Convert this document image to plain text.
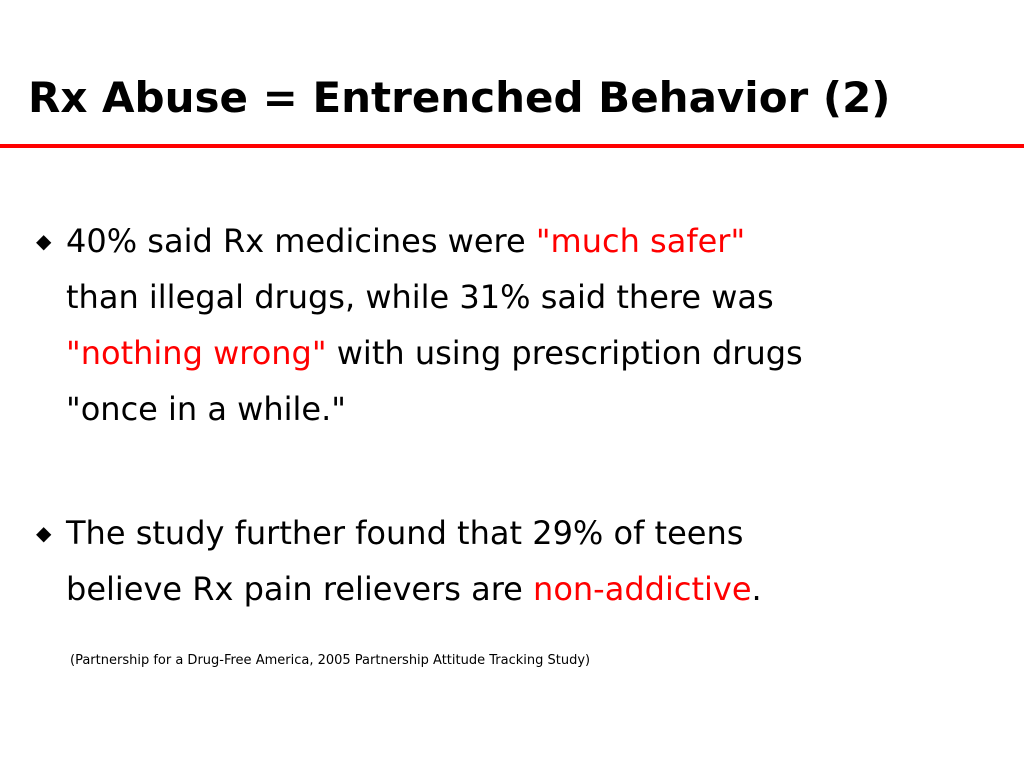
Rx Abuse = Entrenched Behavior (2)
◆ 40% said Rx medicines were "much safer"
than illegal drugs, while 31% said there was
"nothing wrong" with using prescription drugs
"once in a while."
◆ The study further found that 29% of teens
believe Rx pain relievers are non-addictive.
(Partnership for a Drug-Free America, 2005 Partnership Attitude Tracking Study)
